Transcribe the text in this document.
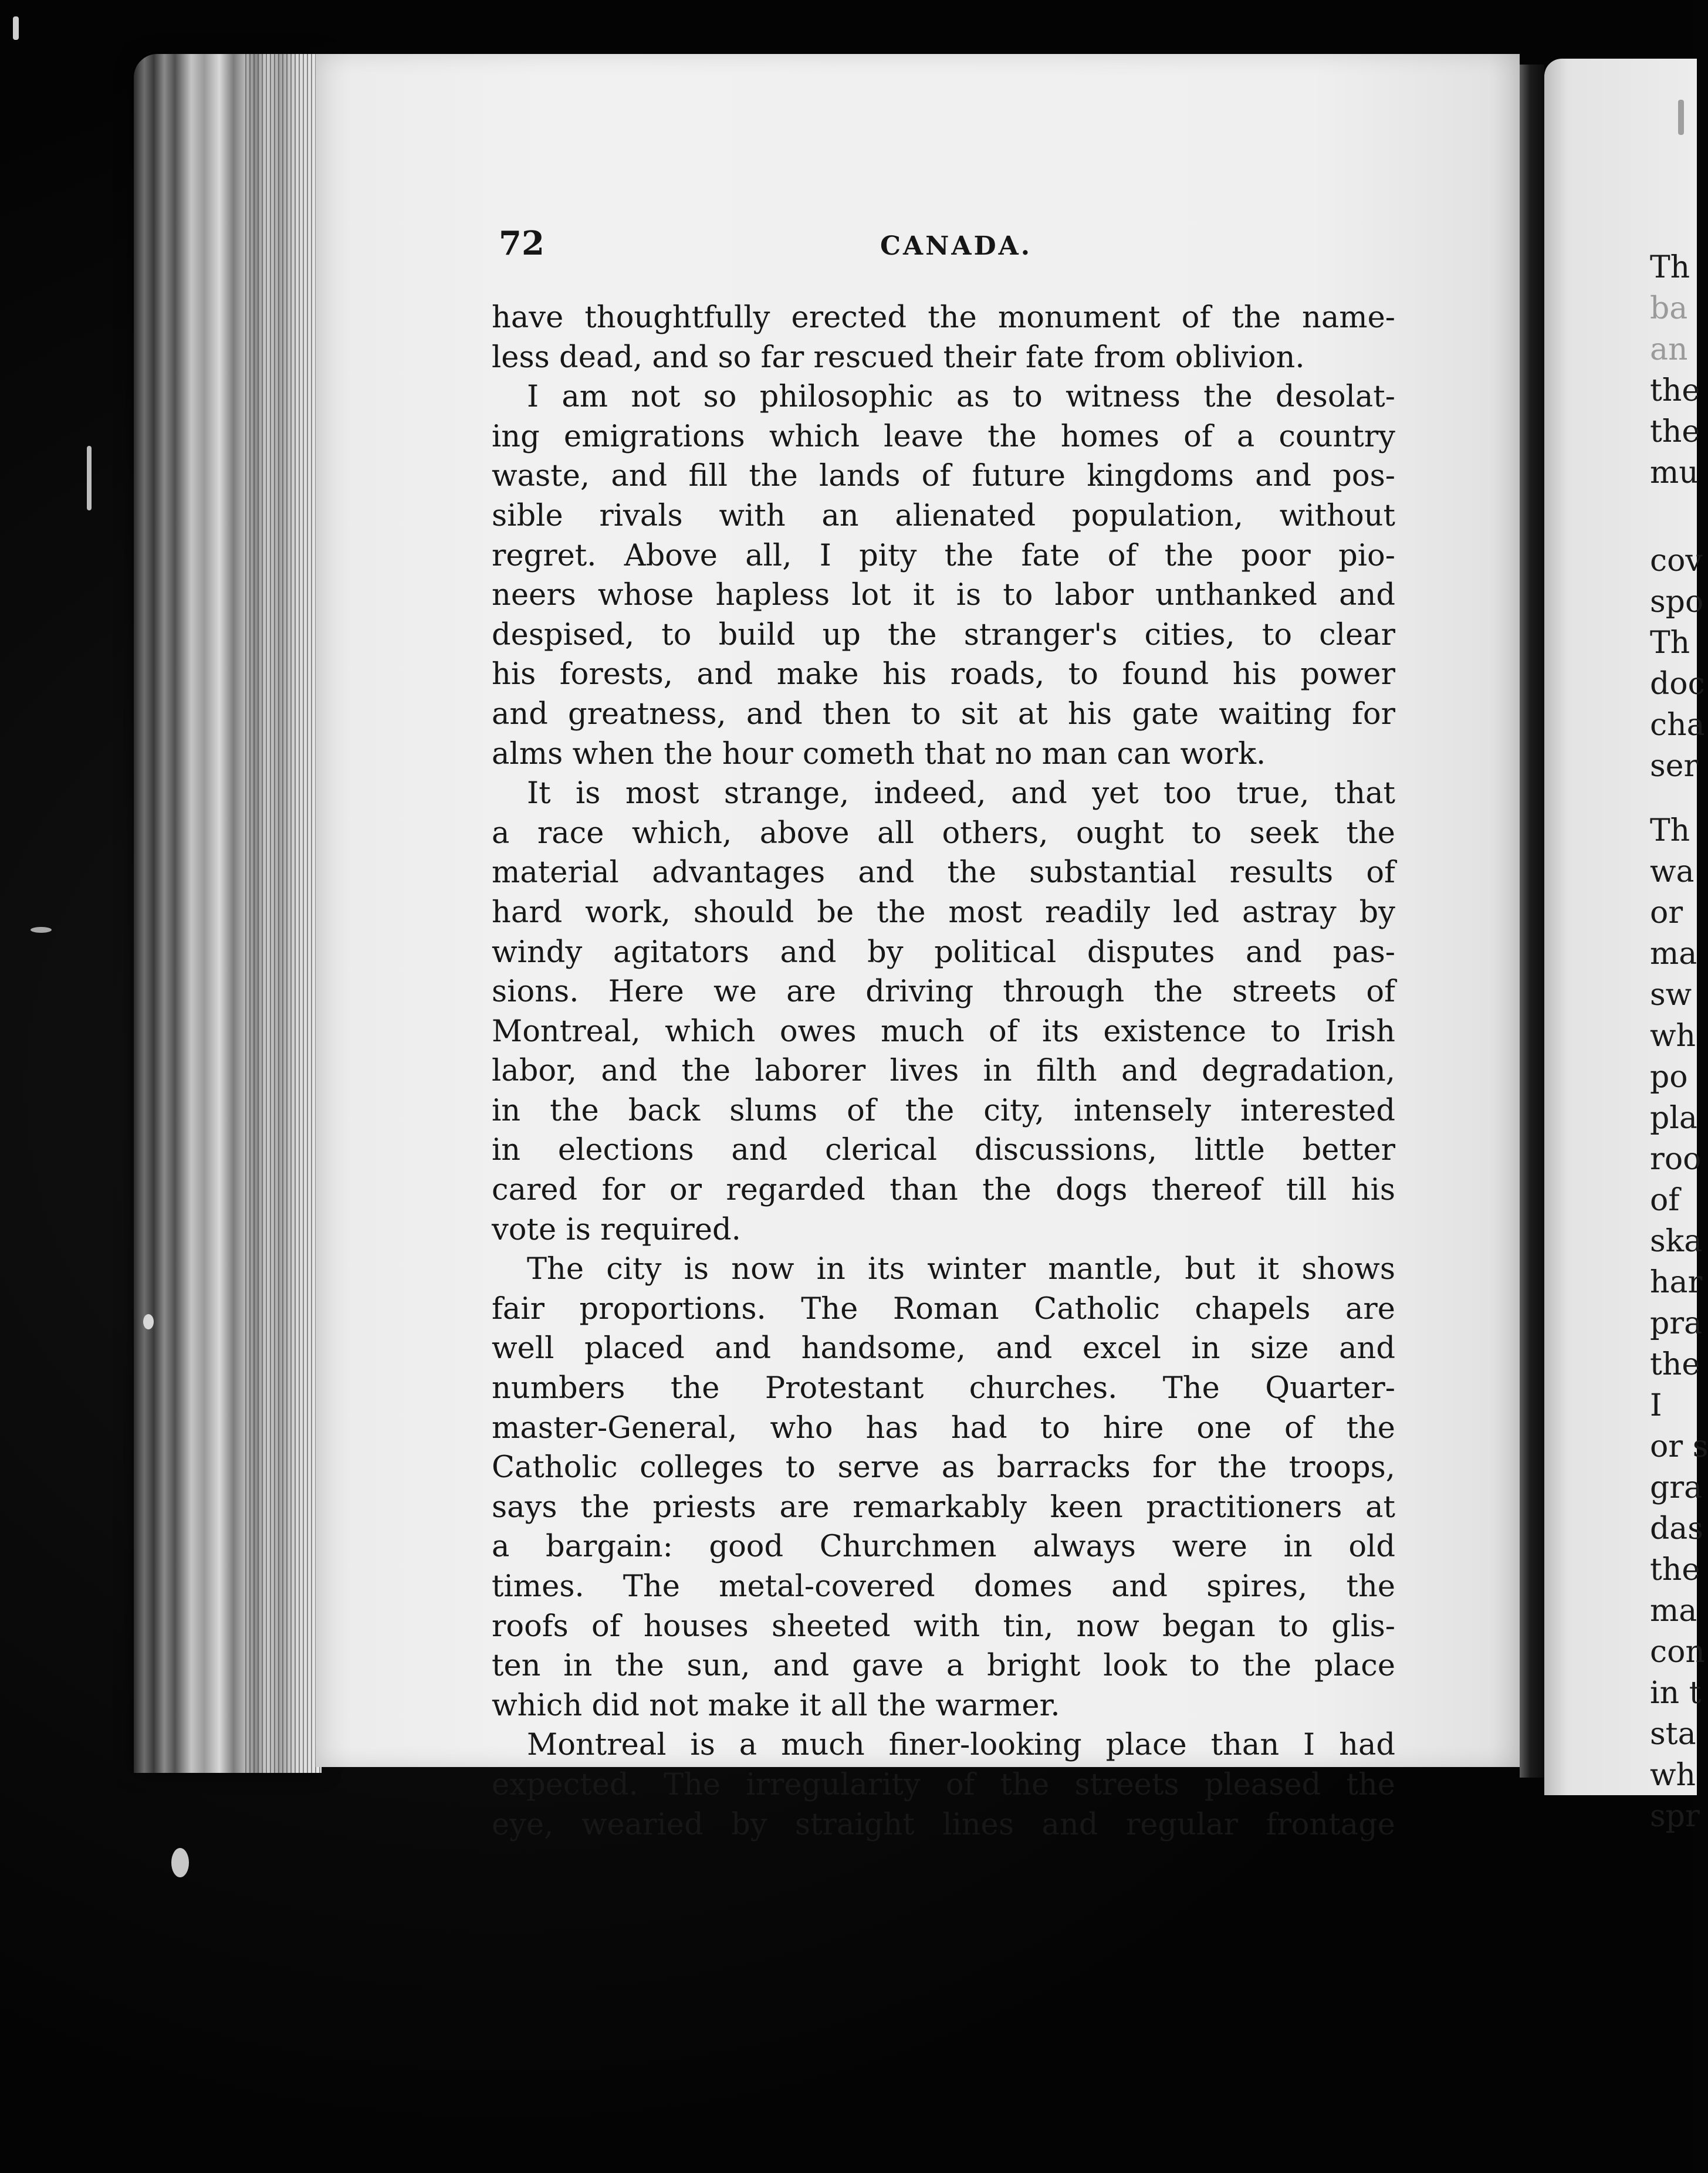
Th
ba
an
the
the
mu
cov
spo
Th
doc
cha
ser
Th
wa
or
ma
sw
wh
po
pla
roo
of
ska
har
pra
the
I
or s
gra
das
the
ma
con
in t
sta
wh
spr
72	CANADA.
have thoughtfully erected the monument of the name-
less dead, and so far rescued their fate from oblivion.
I am not so philosophic as to witness the desolat-
ing emigrations which leave the homes of a country
waste, and fill the lands of future kingdoms and pos-
sible rivals with an alienated population, without
regret. Above all, I pity the fate of the poor pio-
neers whose hapless lot it is to labor unthanked and
despised, to build up the stranger's cities, to clear
his forests, and make his roads, to found his power
and greatness, and then to sit at his gate waiting for
alms when the hour cometh that no man can work.
It is most strange, indeed, and yet too true, that
a race which, above all others, ought to seek the
material advantages and the substantial results of
hard work, should be the most readily led astray by
windy agitators and by political disputes and pas-
sions. Here we are driving through the streets of
Montreal, which owes much of its existence to Irish
labor, and the laborer lives in filth and degradation,
in the back slums of the city, intensely interested
in elections and clerical discussions, little better
cared for or regarded than the dogs thereof till his
vote is required.
The city is now in its winter mantle, but it shows
fair proportions. The Roman Catholic chapels are
well placed and handsome, and excel in size and
numbers the Protestant churches. The Quarter-
master-General, who has had to hire one of the
Catholic colleges to serve as barracks for the troops,
says the priests are remarkably keen practitioners at
a bargain: good Churchmen always were in old
times. The metal-covered domes and spires, the
roofs of houses sheeted with tin, now began to glis-
ten in the sun, and gave a bright look to the place
which did not make it all the warmer.
Montreal is a much finer-looking place than I had
expected. The irregularity of the streets pleased the
eye, wearied by straight lines and regular frontage
